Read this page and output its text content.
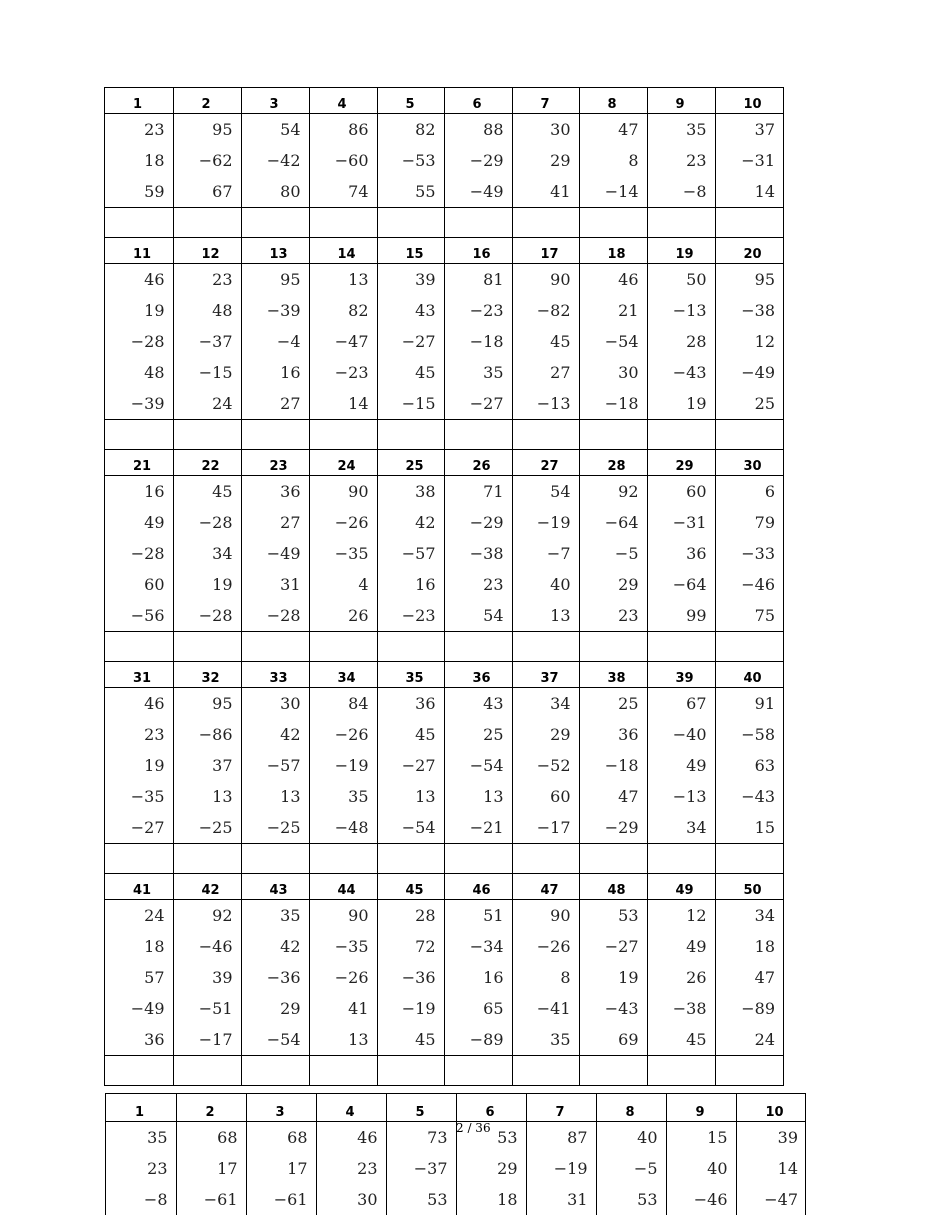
1	2	3	4	5	6	7	8	9	10
23	95	54	86	82	88	30	47	35	37
18	−62	−42	−60	−53	−29	29	8	23	−31
59	67	80	74	55	−49	41	−14	−8	14

11	12	13	14	15	16	17	18	19	20
46	23	95	13	39	81	90	46	50	95
19	48	−39	82	43	−23	−82	21	−13	−38
−28	−37	−4	−47	−27	−18	45	−54	28	12
48	−15	16	−23	45	35	27	30	−43	−49
−39	24	27	14	−15	−27	−13	−18	19	25

21	22	23	24	25	26	27	28	29	30
16	45	36	90	38	71	54	92	60	6
49	−28	27	−26	42	−29	−19	−64	−31	79
−28	34	−49	−35	−57	−38	−7	−5	36	−33
60	19	31	4	16	23	40	29	−64	−46
−56	−28	−28	26	−23	54	13	23	99	75

31	32	33	34	35	36	37	38	39	40
46	95	30	84	36	43	34	25	67	91
23	−86	42	−26	45	25	29	36	−40	−58
19	37	−57	−19	−27	−54	−52	−18	49	63
−35	13	13	35	13	13	60	47	−13	−43
−27	−25	−25	−48	−54	−21	−17	−29	34	15

41	42	43	44	45	46	47	48	49	50
24	92	35	90	28	51	90	53	12	34
18	−46	42	−35	72	−34	−26	−27	49	18
57	39	−36	−26	−36	16	8	19	26	47
−49	−51	29	41	−19	65	−41	−43	−38	−89
36	−17	−54	13	45	−89	35	69	45	24

1	2	3	4	5	6	7	8	9	10
35	68	68	46	73	53	87	40	15	39
23	17	17	23	−37	29	−19	−5	40	14
−8	−61	−61	30	53	18	31	53	−46	−47
2 / 36
